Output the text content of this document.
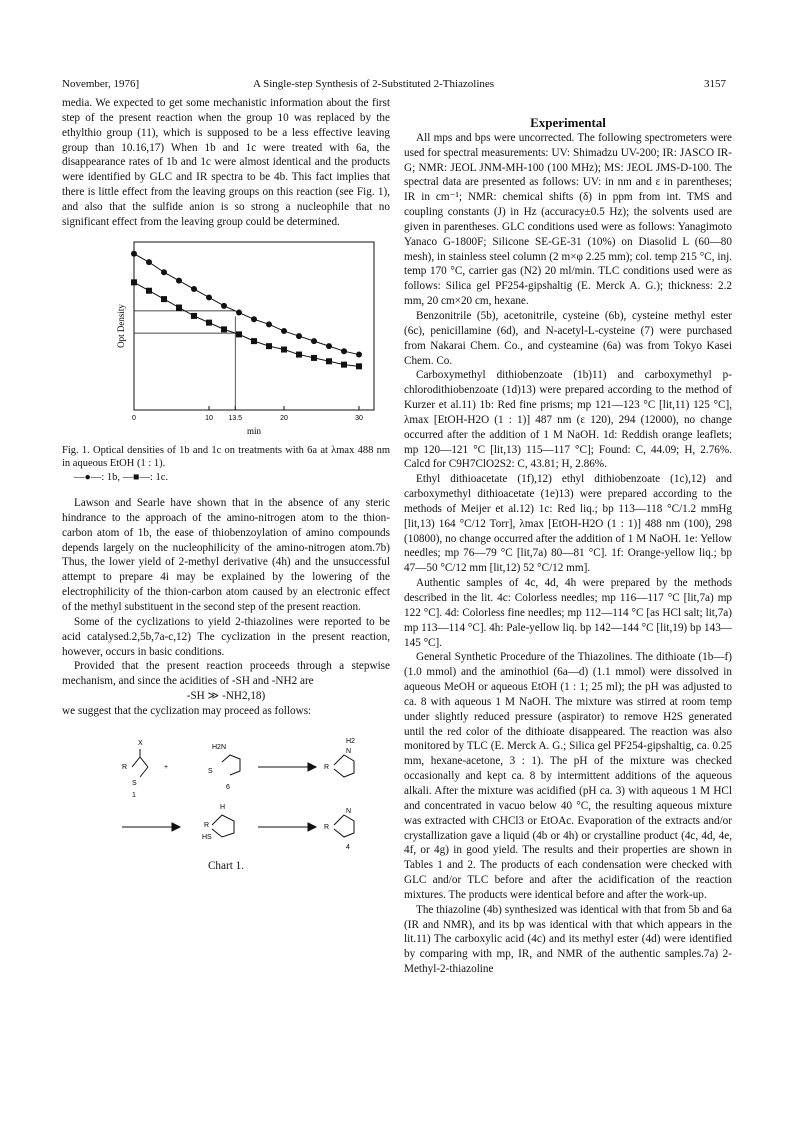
November, 1976]	A Single-step Synthesis of 2-Substituted 2-Thiazolines	3157

media. We expected to get some mechanistic information about the first step of the present reaction when the group 10 was replaced by the ethylthio group (11), which is supposed to be a less effective leaving group than 10.16,17) When 1b and 1c were treated with 6a, the disappearance rates of 1b and 1c were almost identical and the products were identified by GLC and IR spectra to be 4b. This fact implies that there is little effect from the leaving groups on this reaction (see Fig. 1), and also that the sulfide anion is so strong a nucleophile that no significant effect from the leaving group could be determined.

0	10 13.5	20	30
min
Opt Density

Fig. 1. Optical densities of 1b and 1c on treatments with 6a at λmax 488 nm in aqueous EtOH (1 : 1).

—●—: 1b, —■—: 1c.

Lawson and Searle have shown that in the absence of any steric hindrance to the approach of the amino-nitrogen atom to the thion-carbon atom of 1b, the ease of thiobenzoylation of amino compounds depends largely on the nucleophilicity of the amino-nitrogen atom.7b) Thus, the lower yield of 2-methyl derivative (4h) and the unsuccessful attempt to prepare 4i may be explained by the lowering of the electrophilicity of the thion-carbon atom caused by an electronic effect of the methyl substituent in the second step of the present reaction.

Some of the cyclizations to yield 2-thiazolines were reported to be acid catalysed.2,5b,7a-c,12) The cyclization in the present reaction, however, occurs in basic conditions.

Provided that the present reaction proceeds through a stepwise mechanism, and since the acidities of -SH and -NH2 are

-SH ≫ -NH2,18)

we suggest that the cyclization may proceed as follows:

R
X
S
1
+
H2N
S
6
H2
R
N
H
R
HS
R
N
4

Chart 1.

Experimental

All mps and bps were uncorrected. The following spectrometers were used for spectral measurements: UV: Shimadzu UV-200; IR: JASCO IR-G; NMR: JEOL JNM-MH-100 (100 MHz); MS: JEOL JMS-D-100. The spectral data are presented as follows: UV: in nm and ε in parentheses; IR in cm⁻¹; NMR: chemical shifts (δ) in ppm from int. TMS and coupling constants (J) in Hz (accuracy±0.5 Hz); the solvents used are given in parentheses. GLC conditions used were as follows: Yanagimoto Yanaco G-1800F; Silicone SE-GE-31 (10%) on Diasolid L (60—80 mesh), in stainless steel column (2 m×φ 2.25 mm); col. temp 215 °C, inj. temp 170 °C, carrier gas (N2) 20 ml/min. TLC conditions used were as follows: Silica gel PF254-gipshaltig (E. Merck A. G.); thickness: 2.2 mm, 20 cm×20 cm, hexane.

Benzonitrile (5b), acetonitrile, cysteine (6b), cysteine methyl ester (6c), penicillamine (6d), and N-acetyl-L-cysteine (7) were purchased from Nakarai Chem. Co., and cysteamine (6a) was from Tokyo Kasei Chem. Co.

Carboxymethyl dithiobenzoate (1b)11) and carboxymethyl p-chlorodithiobenzoate (1d)13) were prepared according to the method of Kurzer et al.11) 1b: Red fine prisms; mp 121—123 °C [lit,11) 125 °C], λmax [EtOH-H2O (1 : 1)] 487 nm (ε 120), 294 (12000), no change occurred after the addition of 1 M NaOH. 1d: Reddish orange leaflets; mp 120—121 °C [lit,13) 115—117 °C]; Found: C, 44.09; H, 2.76%. Calcd for C9H7ClO2S2: C, 43.81; H, 2.86%.

Ethyl dithioacetate (1f),12) ethyl dithiobenzoate (1c),12) and carboxymethyl dithioacetate (1e)13) were prepared according to the methods of Meijer et al.12) 1c: Red liq.; bp 113—118 °C/1.2 mmHg [lit,13) 164 °C/12 Torr], λmax [EtOH-H2O (1 : 1)] 488 nm (100), 298 (10800), no change occurred after the addition of 1 M NaOH. 1e: Yellow needles; mp 76—79 °C [lit,7a) 80—81 °C]. 1f: Orange-yellow liq.; bp 47—50 °C/12 mm [lit,12) 52 °C/12 mm].

Authentic samples of 4c, 4d, 4h were prepared by the methods described in the lit. 4c: Colorless needles; mp 116—117 °C [lit,7a) mp 122 °C]. 4d: Colorless fine needles; mp 112—114 °C [as HCl salt; lit,7a) mp 113—114 °C]. 4h: Pale-yellow liq. bp 142—144 °C [lit,19) bp 143—145 °C].

General Synthetic Procedure of the Thiazolines. The dithioate (1b—f) (1.0 mmol) and the aminothiol (6a—d) (1.1 mmol) were dissolved in aqueous MeOH or aqueous EtOH (1 : 1; 25 ml); the pH was adjusted to ca. 8 with aqueous 1 M NaOH. The mixture was stirred at room temp under slightly reduced pressure (aspirator) to remove H2S generated until the red color of the dithioate disappeared. The reaction was also monitored by TLC (E. Merck A. G.; Silica gel PF254-gipshaltig, ca. 0.25 mm, hexane-acetone, 3 : 1). The pH of the mixture was checked occasionally and kept ca. 8 by intermittent additions of the aqueous alkali. After the mixture was acidified (pH ca. 3) with aqueous 1 M HCl and concentrated in vacuo below 40 °C, the resulting aqueous mixture was extracted with CHCl3 or EtOAc. Evaporation of the extracts and/or crystallization gave a liquid (4b or 4h) or crystalline product (4c, 4d, 4e, 4f, or 4g) in good yield. The results and their properties are shown in Tables 1 and 2. The products of each condensation were checked with GLC and/or TLC before and after the acidification of the reaction mixtures. The products were identical before and after the work-up.

The thiazoline (4b) synthesized was identical with that from 5b and 6a (IR and NMR), and its bp was identical with that which appears in the lit.11) The carboxylic acid (4c) and its methyl ester (4d) were identified by comparing with mp, IR, and NMR of the authentic samples.7a) 2-Methyl-2-thiazoline
